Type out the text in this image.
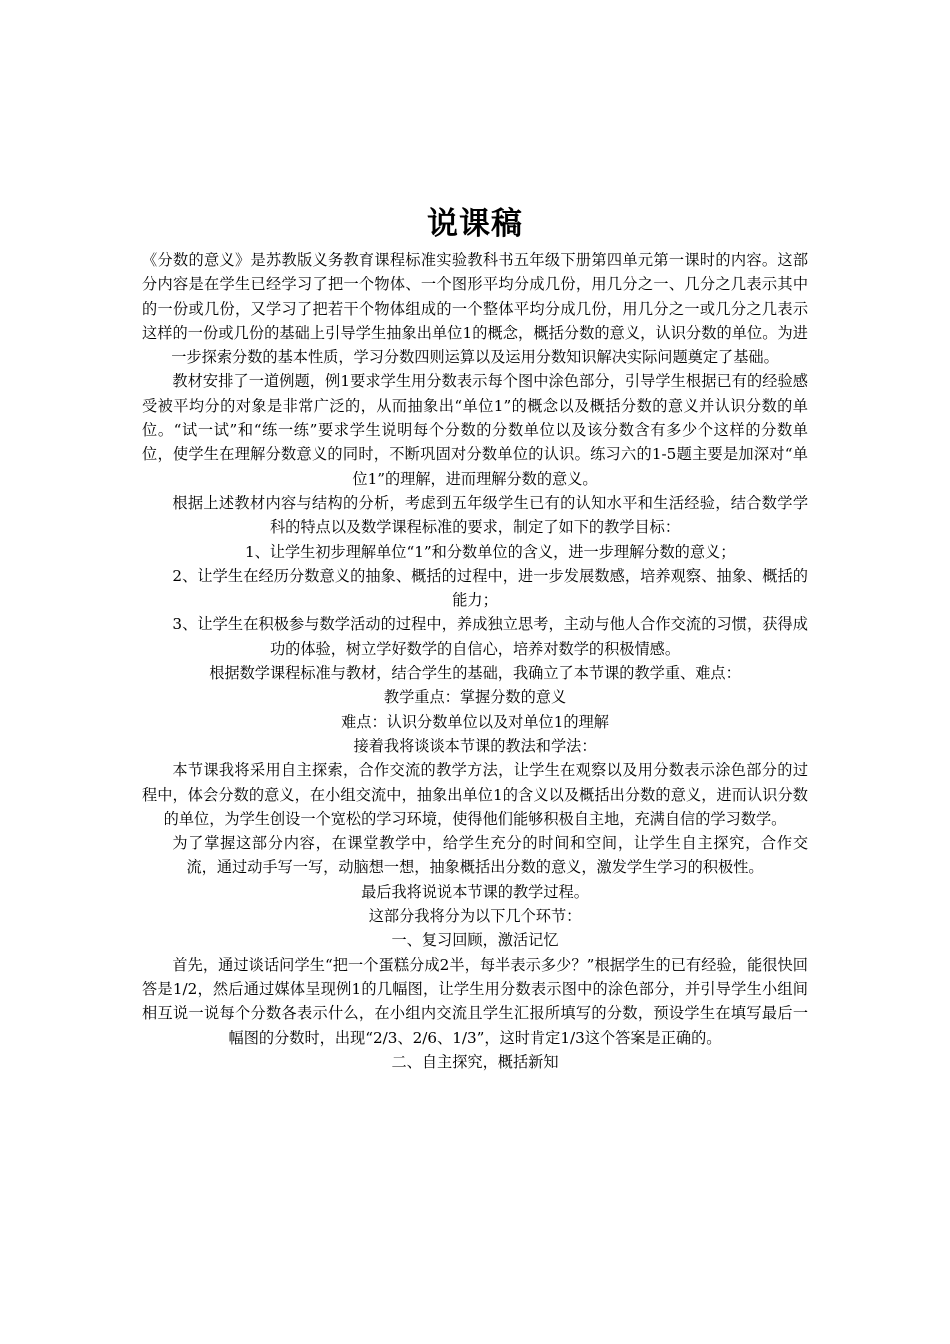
说课稿

《分数的意义》是苏教版义务教育课程标准实验教科书五年级下册第四单元第一课时的内容。这部分内容是在学生已经学习了把一个物体、一个图形平均分成几份，用几分之一、几分之几表示其中的一份或几份，又学习了把若干个物体组成的一个整体平均分成几份，用几分之一或几分之几表示这样的一份或几份的基础上引导学生抽象出单位1的概念，概括分数的意义，认识分数的单位。为进一步探索分数的基本性质，学习分数四则运算以及运用分数知识解决实际问题奠定了基础。

教材安排了一道例题，例1要求学生用分数表示每个图中涂色部分，引导学生根据已有的经验感受被平均分的对象是非常广泛的，从而抽象出“单位1”的概念以及概括分数的意义并认识分数的单位。“试一试”和“练一练”要求学生说明每个分数的分数单位以及该分数含有多少个这样的分数单位，使学生在理解分数意义的同时，不断巩固对分数单位的认识。练习六的1-5题主要是加深对“单位1”的理解，进而理解分数的意义。

根据上述教材内容与结构的分析，考虑到五年级学生已有的认知水平和生活经验，结合数学学科的特点以及数学课程标准的要求，制定了如下的教学目标：

1、让学生初步理解单位“1”和分数单位的含义，进一步理解分数的意义；

2、让学生在经历分数意义的抽象、概括的过程中，进一步发展数感，培养观察、抽象、概括的能力；

3、让学生在积极参与数学活动的过程中，养成独立思考，主动与他人合作交流的习惯，获得成功的体验，树立学好数学的自信心，培养对数学的积极情感。

根据数学课程标准与教材，结合学生的基础，我确立了本节课的教学重、难点：

教学重点：掌握分数的意义

难点：认识分数单位以及对单位1的理解

接着我将谈谈本节课的教法和学法：

本节课我将采用自主探索，合作交流的教学方法，让学生在观察以及用分数表示涂色部分的过程中，体会分数的意义，在小组交流中，抽象出单位1的含义以及概括出分数的意义，进而认识分数的单位，为学生创设一个宽松的学习环境，使得他们能够积极自主地，充满自信的学习数学。

为了掌握这部分内容，在课堂教学中，给学生充分的时间和空间，让学生自主探究，合作交流，通过动手写一写，动脑想一想，抽象概括出分数的意义，激发学生学习的积极性。

最后我将说说本节课的教学过程。

这部分我将分为以下几个环节：

一、复习回顾，激活记忆

首先，通过谈话问学生“把一个蛋糕分成2半，每半表示多少？”根据学生的已有经验，能很快回答是1/2，然后通过媒体呈现例1的几幅图，让学生用分数表示图中的涂色部分，并引导学生小组间相互说一说每个分数各表示什么，在小组内交流且学生汇报所填写的分数，预设学生在填写最后一幅图的分数时，出现“2/3、2/6、1/3”，这时肯定1/3这个答案是正确的。

二、自主探究，概括新知
